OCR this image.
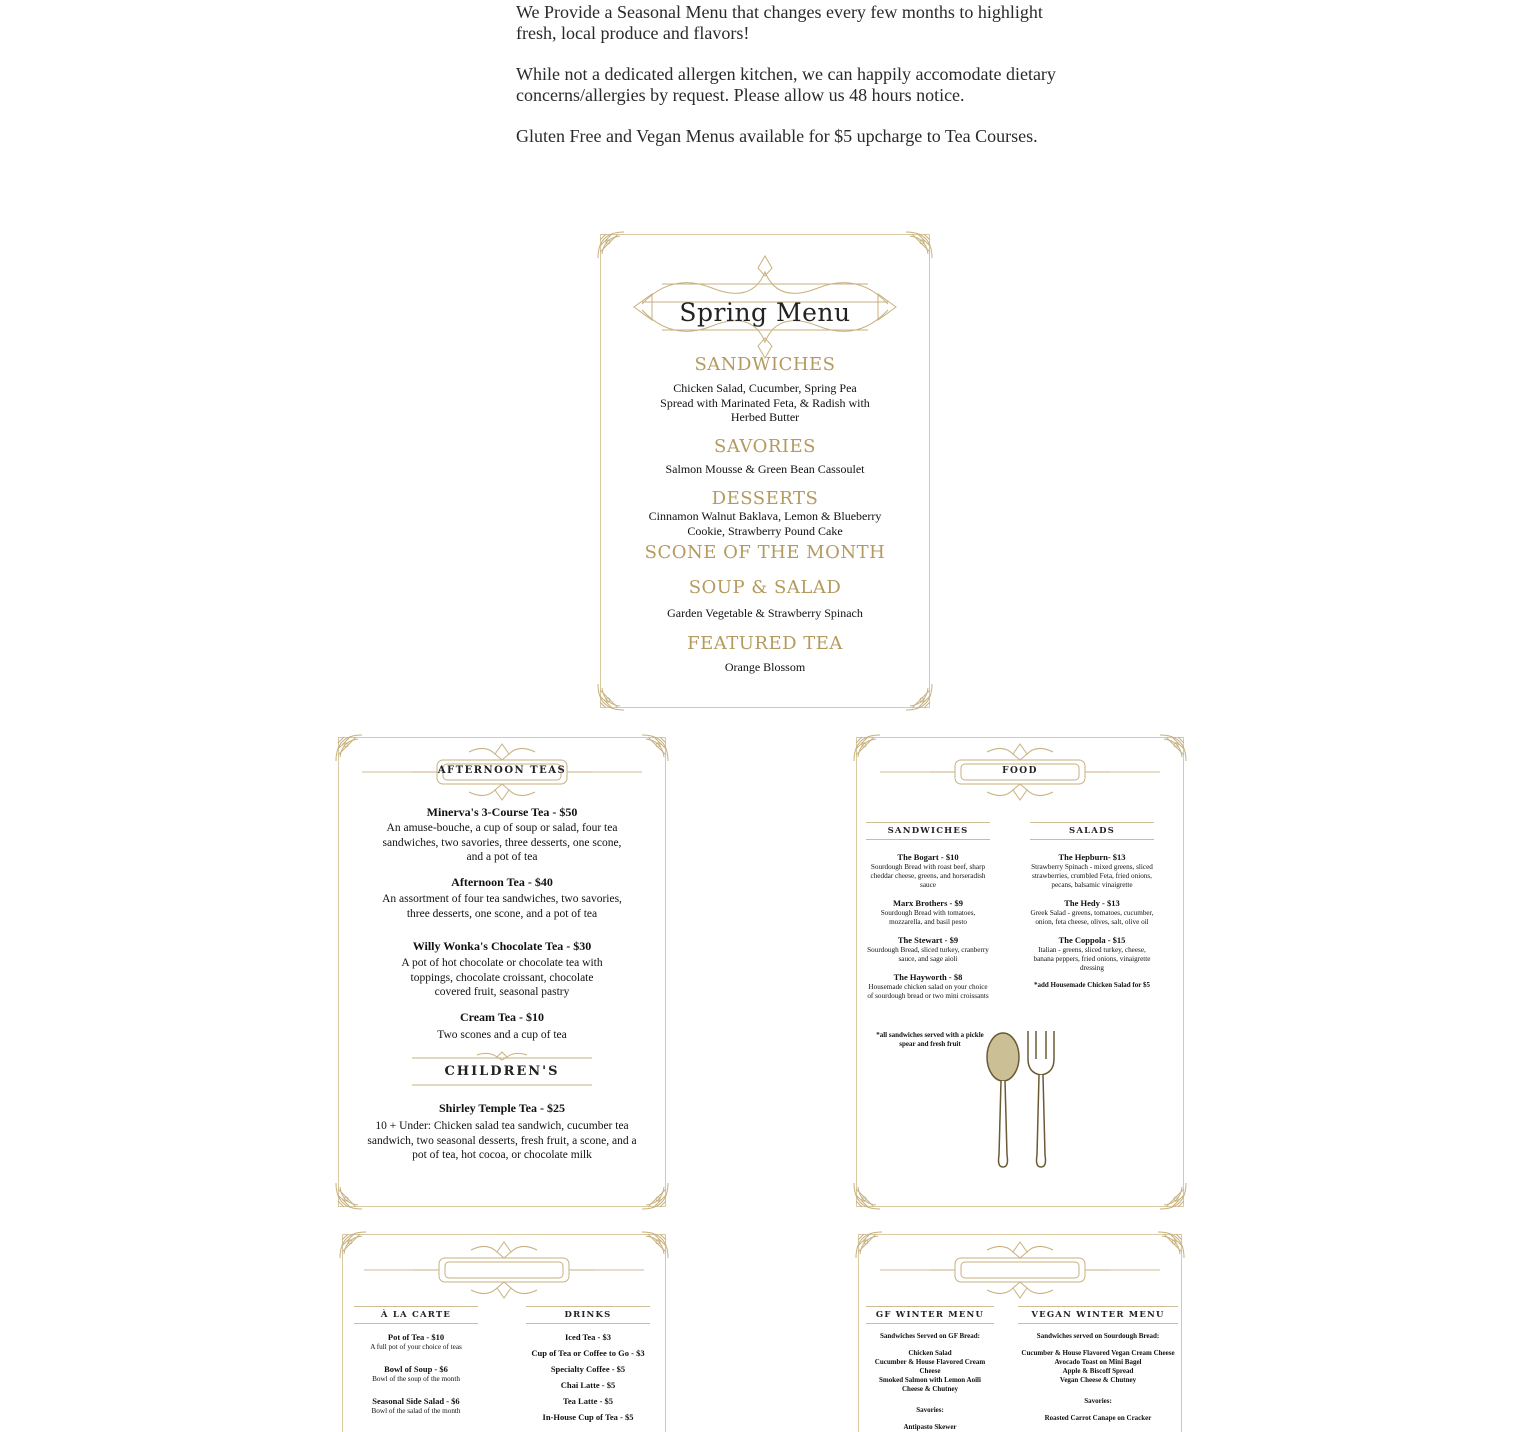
We Provide a Seasonal Menu that changes every few months to highlight fresh, local produce and flavors!

While not a dedicated allergen kitchen, we can happily accomodate dietary concerns/allergies by request. Please allow us 48 hours notice.

Gluten Free and Vegan Menus available for $5 upcharge to Tea Courses.

Spring Menu
SANDWICHES
Chicken Salad, Cucumber, Spring Pea Spread with Marinated Feta, & Radish with Herbed Butter
SAVORIES
Salmon Mousse & Green Bean Cassoulet
DESSERTS
Cinnamon Walnut Baklava, Lemon & Blueberry Cookie, Strawberry Pound Cake
SCONE OF THE MONTH
SOUP & SALAD
Garden Vegetable & Strawberry Spinach
FEATURED TEA
Orange Blossom
AFTERNOON TEAS
Minerva's 3-Course Tea - $50
An amuse-bouche, a cup of soup or salad, four tea sandwiches, two savories, three desserts, one scone, and a pot of tea
Afternoon Tea - $40
An assortment of four tea sandwiches, two savories, three desserts, one scone, and a pot of tea
Willy Wonka's Chocolate Tea - $30
A pot of hot chocolate or chocolate tea with toppings, chocolate croissant, chocolate covered fruit, seasonal pastry
Cream Tea - $10
Two scones and a cup of tea
CHILDREN'S
Shirley Temple Tea - $25
10 + Under: Chicken salad tea sandwich, cucumber tea sandwich, two seasonal desserts, fresh fruit, a scone, and a pot of tea, hot cocoa, or chocolate milk
FOOD
SANDWICHES
The Bogart - $10
Sourdough Bread with roast beef, sharp cheddar cheese, greens, and horseradish sauce
Marx Brothers - $9
Sourdough Bread with tomatoes, mozzarella, and basil pesto
The Stewart - $9
Sourdough Bread, sliced turkey, cranberry sauce, and sage aioli
The Hayworth - $8
Housemade chicken salad on your choice of sourdough bread or two mini croissants
*all sandwiches served with a pickle spear and fresh fruit
SALADS
The Hepburn- $13
Strawberry Spinach - mixed greens, sliced strawberries, crumbled Feta, fried onions, pecans, balsamic vinaigrette
The Hedy - $13
Greek Salad - greens, tomatoes, cucumber, onion, feta cheese, olives, salt, olive oil
The Coppola - $15
Italian - greens, sliced turkey, cheese, banana peppers, fried onions, vinaigrette dressing
*add Housemade Chicken Salad for $5
À LA CARTE
Pot of Tea - $10
A full pot of your choice of teas
Bowl of Soup - $6
Bowl of the soup of the month
Seasonal Side Salad - $6
Bowl of the salad of the month
DRINKS
Iced Tea - $3
Cup of Tea or Coffee to Go - $3
Specialty Coffee - $5
Chai Latte - $5
Tea Latte - $5
In-House Cup of Tea - $5
GF WINTER MENU
Sandwiches Served on GF Bread:
Chicken Salad
Cucumber & House Flavored Cream Cheese
Smoked Salmon with Lemon Aoili
Cheese & Chutney
Savories:
Antipasto Skewer
VEGAN WINTER MENU
Sandwiches served on Sourdough Bread:
Cucumber & House Flavored Vegan Cream Cheese
Avocado Toast on Mini Bagel
Apple & Biscoff Spread
Vegan Cheese & Chutney
Savories:
Roasted Carrot Canape on Cracker
